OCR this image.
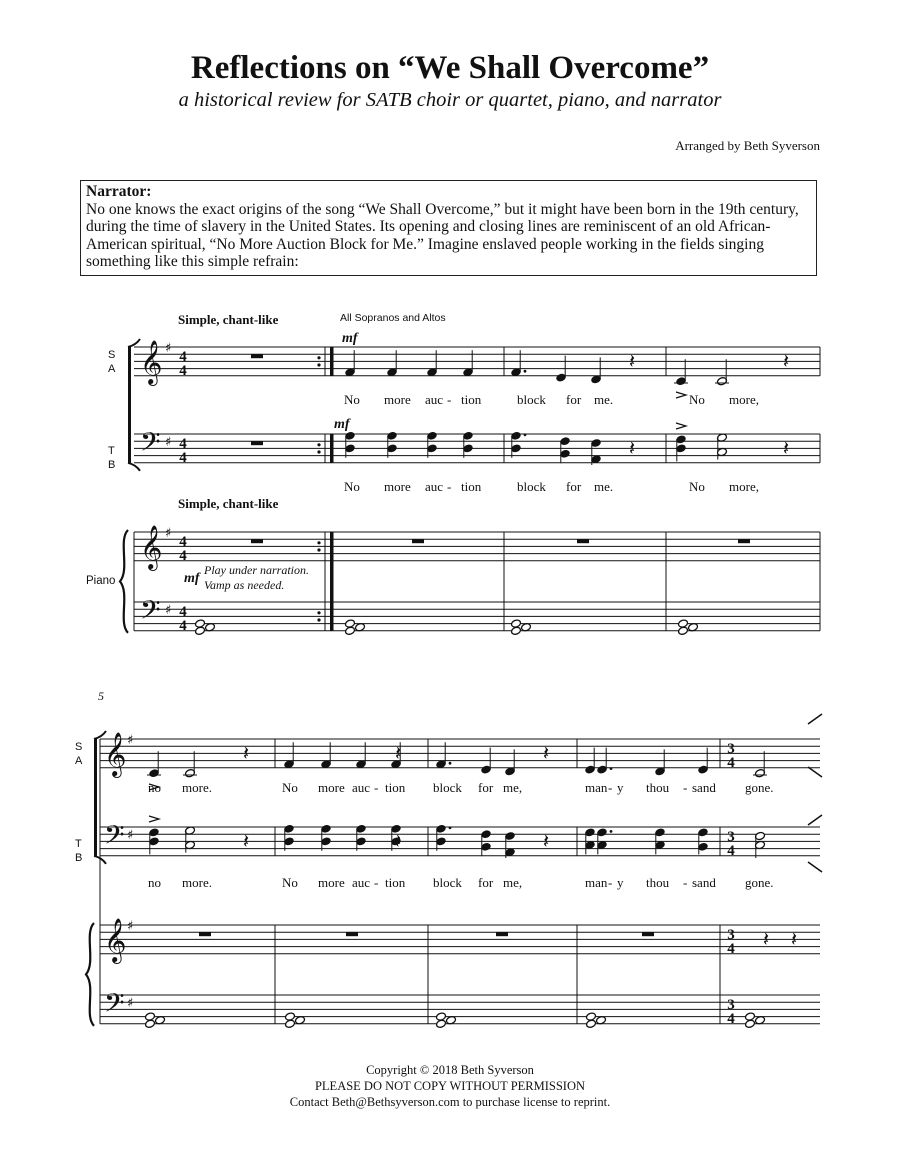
Reflections on “We Shall Overcome”
a historical review for SATB choir or quartet, piano, and narrator
Arranged by Beth Syverson
Narrator:
No one knows the exact origins of the song “We Shall Overcome,” but it might have been born in the 19th century, during the time of slavery in the United States. Its opening and closing lines are reminiscent of an old African-American spiritual, “No More Auction Block for Me.” Imagine enslaved people working in the fields singing something like this simple refrain:
𝄞
𝄞
𝄞
𝄞
𝄢
𝄢
𝄢
𝄢
♯
♯
♯
♯
♯
♯
♯
♯
4
4
4
4
4
4
4
4
3
4
3
4
3
4
3
4
𝄽	𝄽
𝄽	𝄽
𝄽	𝄽	𝄽
𝄽	𝄽	𝄽
𝄽 𝄽
Simple, chant-like
Simple, chant-like
All Sopranos and Altos
mf
mf
mf
Play under narration.
Vamp as needed.
5
S
A
T
B
Piano
S
A
T
B
No
No
more
more
auc
auc
-
-
tion
tion
block
block
for
for
me.
me.
No
No
more,
more,
no
no
more.
more.
No
No
more
more
auc
auc
-
-
tion
tion
block
block
for
for
me,
me,
man
man
-
-
y
y
thou
thou
-
-
sand
sand
gone.
gone.
Copyright © 2018 Beth Syverson
PLEASE DO NOT COPY WITHOUT PERMISSION
Contact Beth@Bethsyverson.com to purchase license to reprint.
